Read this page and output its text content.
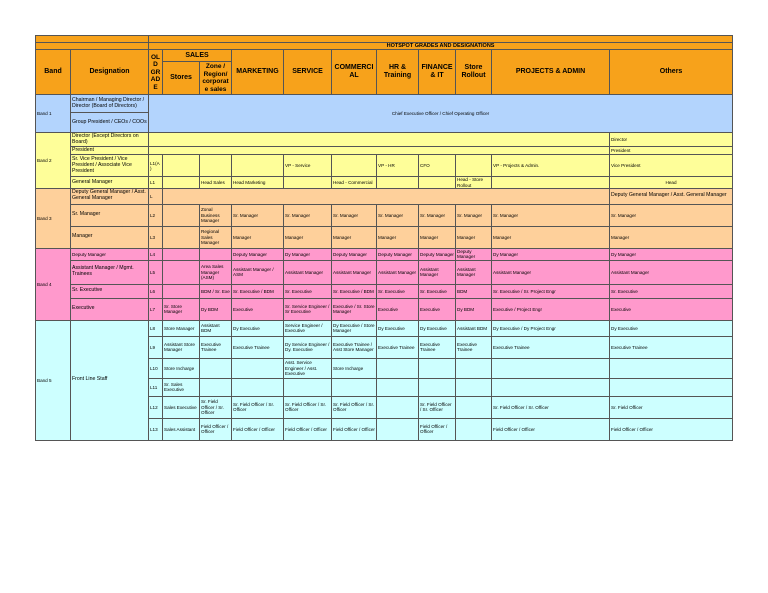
		HOTSPOT GRADES AND DESIGNATIONS										
Band	Designation	OLD GR ADE	SALES		MARKETING	SERVICE	COMMERCIAL	HR & Training	FINANCE & IT	Store Rollout	PROJECTS & ADMIN	Others
			Stores	Zone / Region/ corporate sales								
Band 1	Chairman / Managing Director / Director (Board of Directors)	Chief Executive Officer / Chief Operating Officer										
	Group President / CEOs / COOs											
Band 2	Director (Except Directors on Board)											Director
	President											President
	Sr. Vice President / Vice President / Associate Vice President	L1(A)				VP - Service		VP - HR	CFO		VP - Projects & Admin.	Vice President
	General Manager	L1		Head Sales	Head Marketing		Head - Commercial			Head - Store Rollout		Head
Band 3	Deputy General Manager / Asst. General Manager	L										Deputy General Manager / Asst. General Manager
	Sr. Manager	L2		Zonal Business Manager	Sr. Manager	Sr. Manager	Sr. Manager	Sr. Manager	Sr. Manager	Sr. Manager	Sr. Manager	Sr. Manager
	Manager	L3		Regional Sales Manager	Manager	Manager	Manager	Manager	Manager	Manager	Manager	Manager
Band 4	Deputy Manager	L4			Deputy Manager	Dy Manager	Deputy Manager	Deputy Manager	Deputy Manager	Deputy Manager	Dy Manager	Dy Manager
	Assistant Manager / Mgmt. Trainees	L5		Area Sales Manager (ASM)	Assistant Manager / ASM	Assistant Manager	Assistant Manager	Assistant Manager	Assistant Manager	Assistant Manager	Assistant Manager	Assistant Manager
	Sr. Executive	L6		BDM / Sr. Exe	Sr. Executive / BDM	Sr. Executive	Sr. Executive / BDM	Sr. Executive	Sr. Executive	BDM	Sr. Executive / Sr. Project Engr	Sr. Executive
	Executive	L7	Sr. Store Manager	Dy BDM	Executive	Sr. Service Engineer / Sr Executive	Executive / Sr. Store Manager	Executive	Executive	Dy BDM	Executive / Project Engr	Executive
Band 5	Front Line Staff	L8	Store Manager	Assistant BDM	Dy Executive	Service Engineer / Executive	Dy Executive / Store Manager	Dy Executive	Dy Executive	Assistant BDM	Dy Executive / Dy Project Engr	Dy Executive
		L9	Assistant Store Manager	Executive Trainee	Executive Trainee	Dy Service Engineer / Dy. Executive	Executive Trainee / Asst Store Manager	Executive Trainee	Executive Trainee	Executive Trainee	Executive Trainee	Executive Trainee
		L10	Store Incharge			Asst. Service Engineer / Asst. Executive	Store Incharge					
		L11	Sr. Sales Executive									
		L12	Sales Executive	Sr. Field Officer / Sr. Officer	Sr. Field Officer / Sr. Officer	Sr. Field Officer / Sr. Officer	Sr. Field Officer / Sr. Officer		Sr. Field Officer / Sr. Officer		Sr. Field Officer / Sr. Officer	Sr. Field Officer
		L13	Sales Assistant	Field Officer / Officer	Field Officer / Officer	Field Officer / Officer	Field Officer / Officer		Field Officer / Officer		Field Officer / Officer	Field Officer / Officer
